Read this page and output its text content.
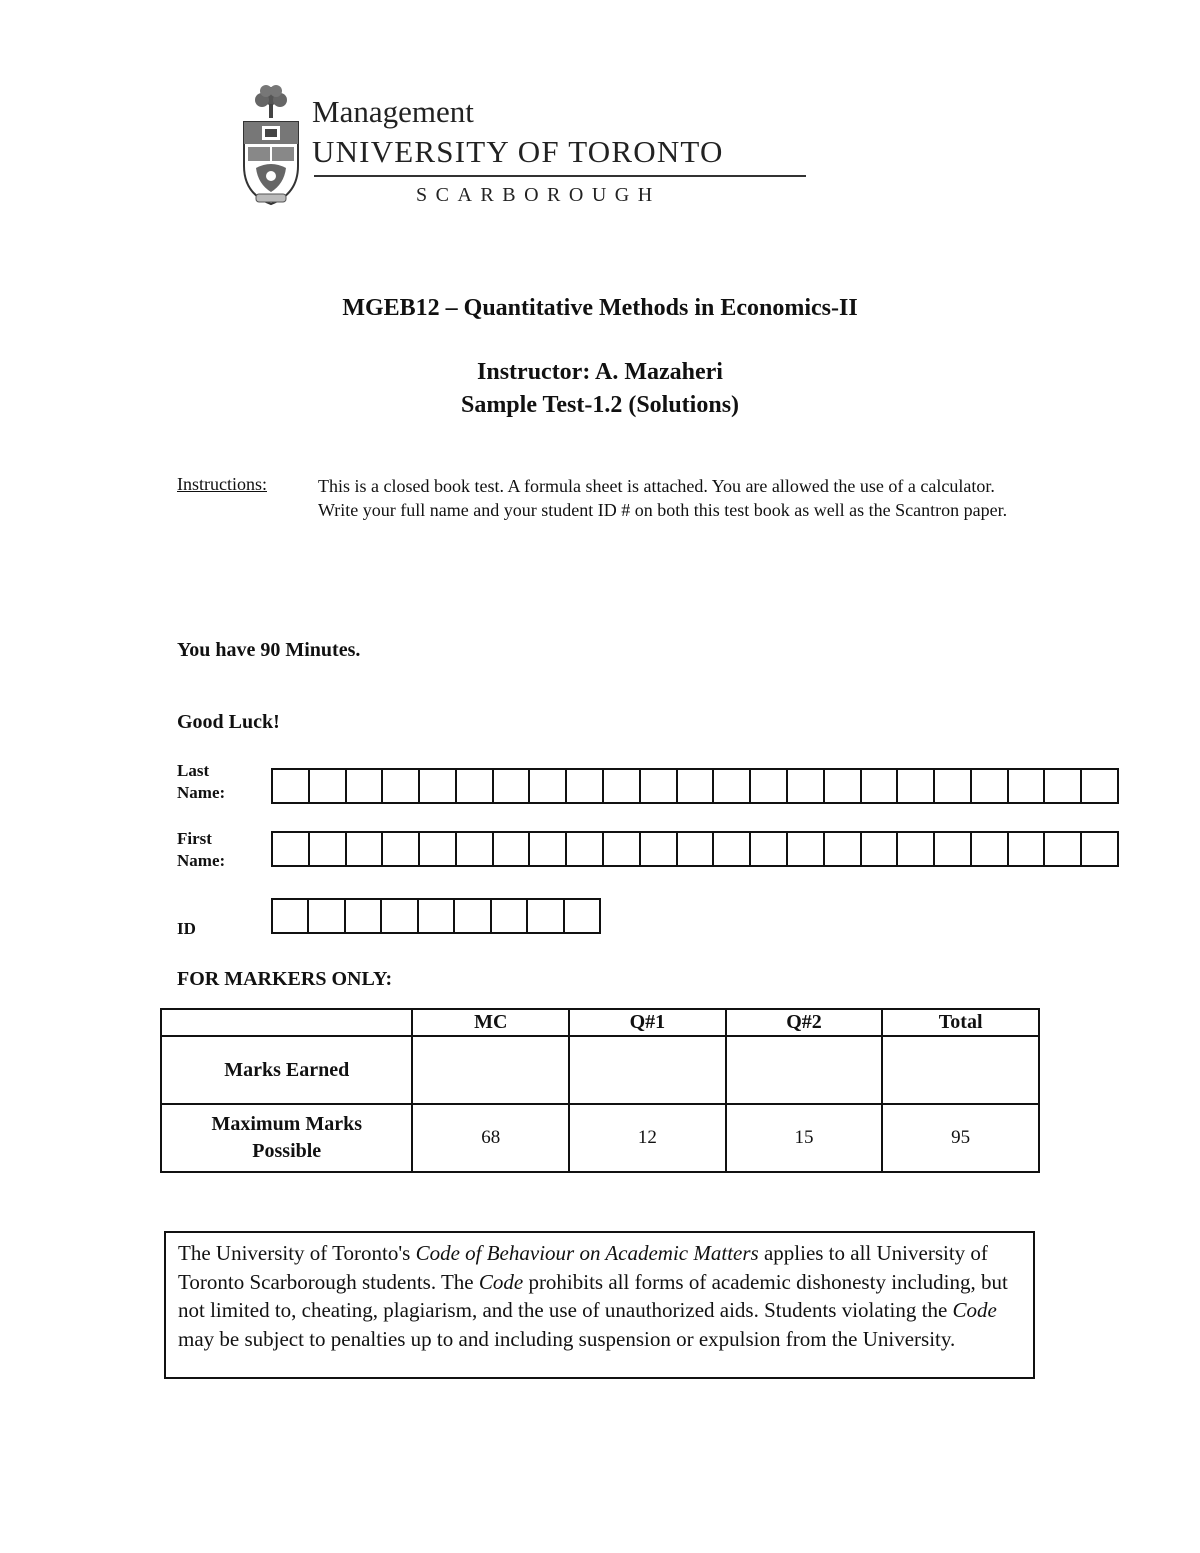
Management
UNIVERSITY OF TORONTO
SCARBOROUGH
MGEB12 – Quantitative Methods in Economics-II
Instructor: A. Mazaheri
Sample Test-1.2 (Solutions)
Instructions:	This is a closed book test. A formula sheet is attached. You are allowed the use of a calculator.

Write your full name and your student ID # on both this test book as well as the Scantron paper.

You have 90 Minutes.
Good Luck!
Last
Name:
First
Name:
ID
FOR MARKERS ONLY:
	MC	Q#1	Q#2	Total
Marks Earned				

Maximum Marks
Possible	68	12	15	95
The University of Toronto's Code of Behaviour on Academic Matters applies to all University of Toronto Scarborough students. The Code prohibits all forms of academic dishonesty including, but not limited to, cheating, plagiarism, and the use of unauthorized aids. Students violating the Code may be subject to penalties up to and including suspension or expulsion from the University.
